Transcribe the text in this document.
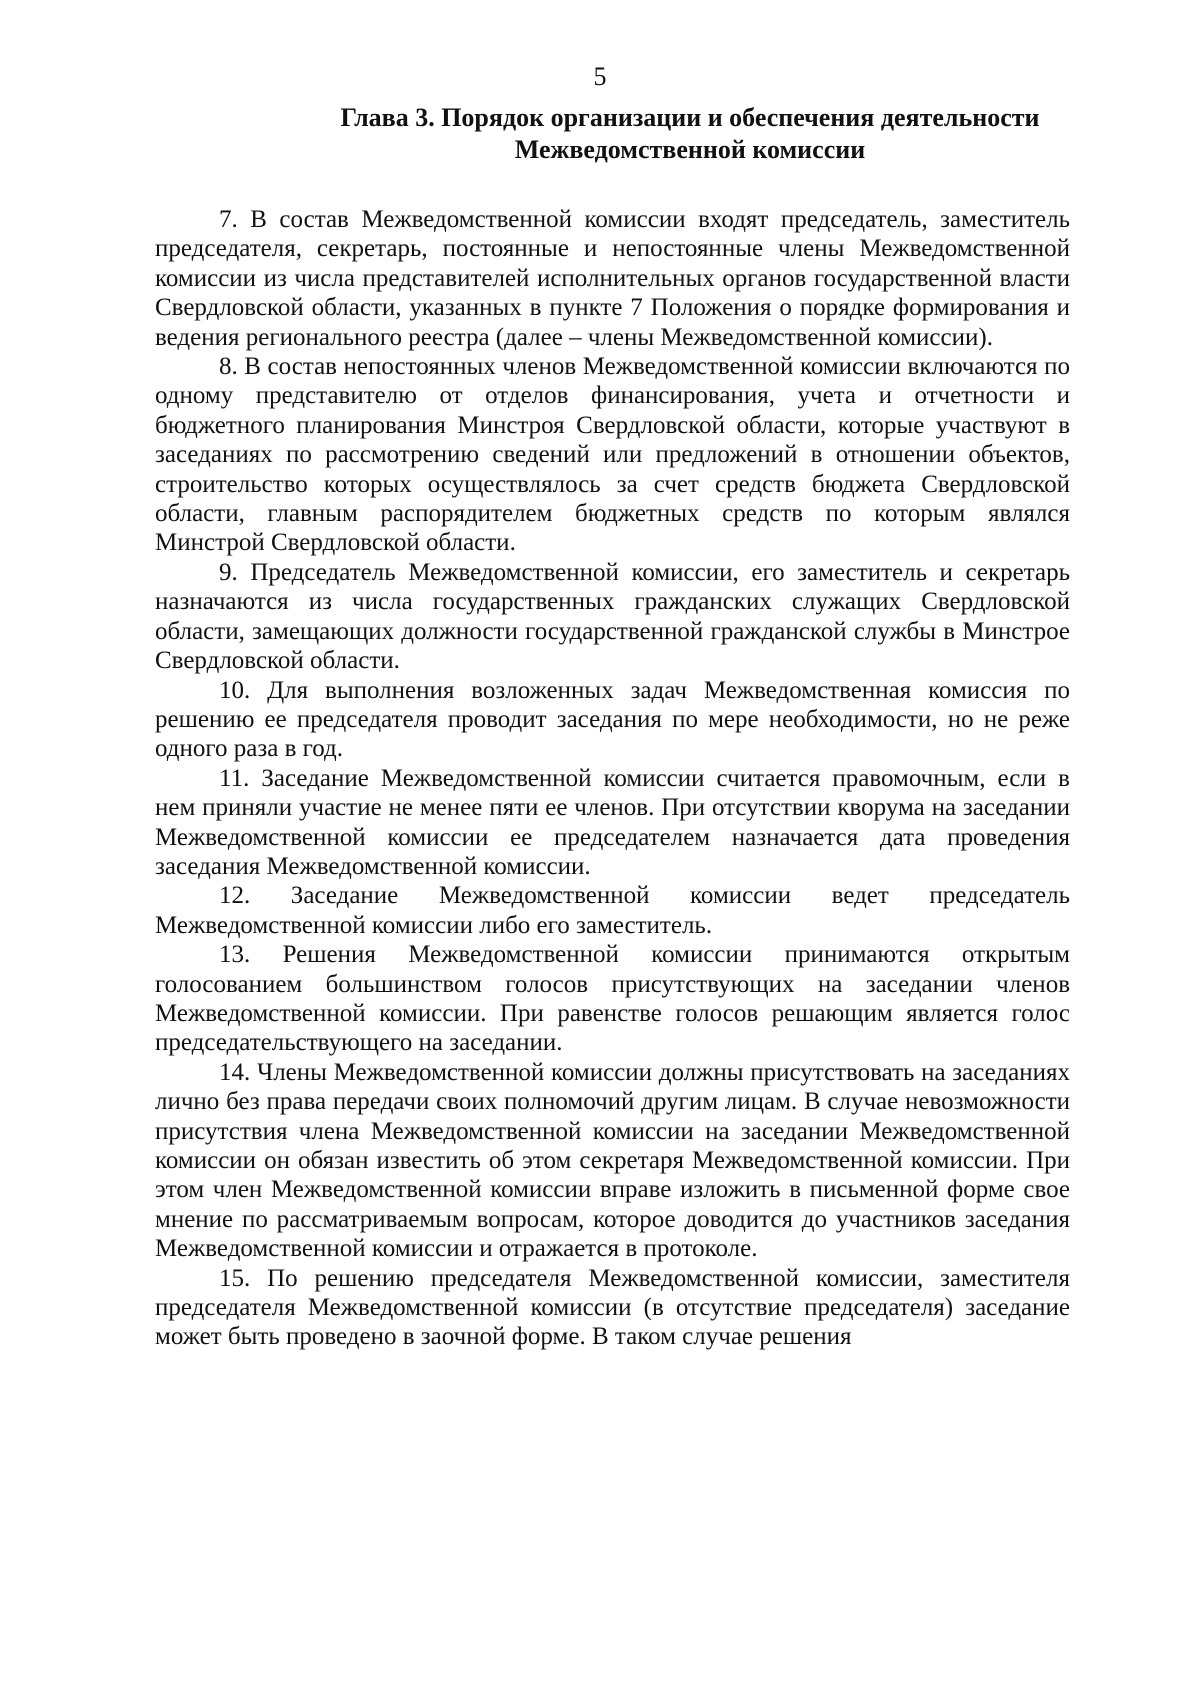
5
Глава 3. Порядок организации и обеспечения деятельности
Межведомственной комиссии

7. В состав Межведомственной комиссии входят председатель, заместитель председателя, секретарь, постоянные и непостоянные члены Межведомственной комиссии из числа представителей исполнительных органов государственной власти Свердловской области, указанных в пункте 7 Положения о порядке формирования и ведения регионального реестра (далее – члены Межведомственной комиссии).

8. В состав непостоянных членов Межведомственной комиссии включаются по одному представителю от отделов финансирования, учета и отчетности и бюджетного планирования Минстроя Свердловской области, которые участвуют в заседаниях по рассмотрению сведений или предложений в отношении объектов, строительство которых осуществлялось за счет средств бюджета Свердловской области, главным распорядителем бюджетных средств по которым являлся Минстрой Свердловской области.

9. Председатель Межведомственной комиссии, его заместитель и секретарь назначаются из числа государственных гражданских служащих Свердловской области, замещающих должности государственной гражданской службы в Минстрое Свердловской области.

10. Для выполнения возложенных задач Межведомственная комиссия по решению ее председателя проводит заседания по мере необходимости, но не реже одного раза в год.

11. Заседание Межведомственной комиссии считается правомочным, если в нем приняли участие не менее пяти ее членов. При отсутствии кворума на заседании Межведомственной комиссии ее председателем назначается дата проведения заседания Межведомственной комиссии.

12. Заседание Межведомственной комиссии ведет председатель Межведомственной комиссии либо его заместитель.

13. Решения Межведомственной комиссии принимаются открытым голосованием большинством голосов присутствующих на заседании членов Межведомственной комиссии. При равенстве голосов решающим является голос председательствующего на заседании.

14. Члены Межведомственной комиссии должны присутствовать на заседаниях лично без права передачи своих полномочий другим лицам. В случае невозможности присутствия члена Межведомственной комиссии на заседании Межведомственной комиссии он обязан известить об этом секретаря Межведомственной комиссии. При этом член Межведомственной комиссии вправе изложить в письменной форме свое мнение по рассматриваемым вопросам, которое доводится до участников заседания Межведомственной комиссии и отражается в протоколе.

15. По решению председателя Межведомственной комиссии, заместителя председателя Межведомственной комиссии (в отсутствие председателя) заседание может быть проведено в заочной форме. В таком случае решения
